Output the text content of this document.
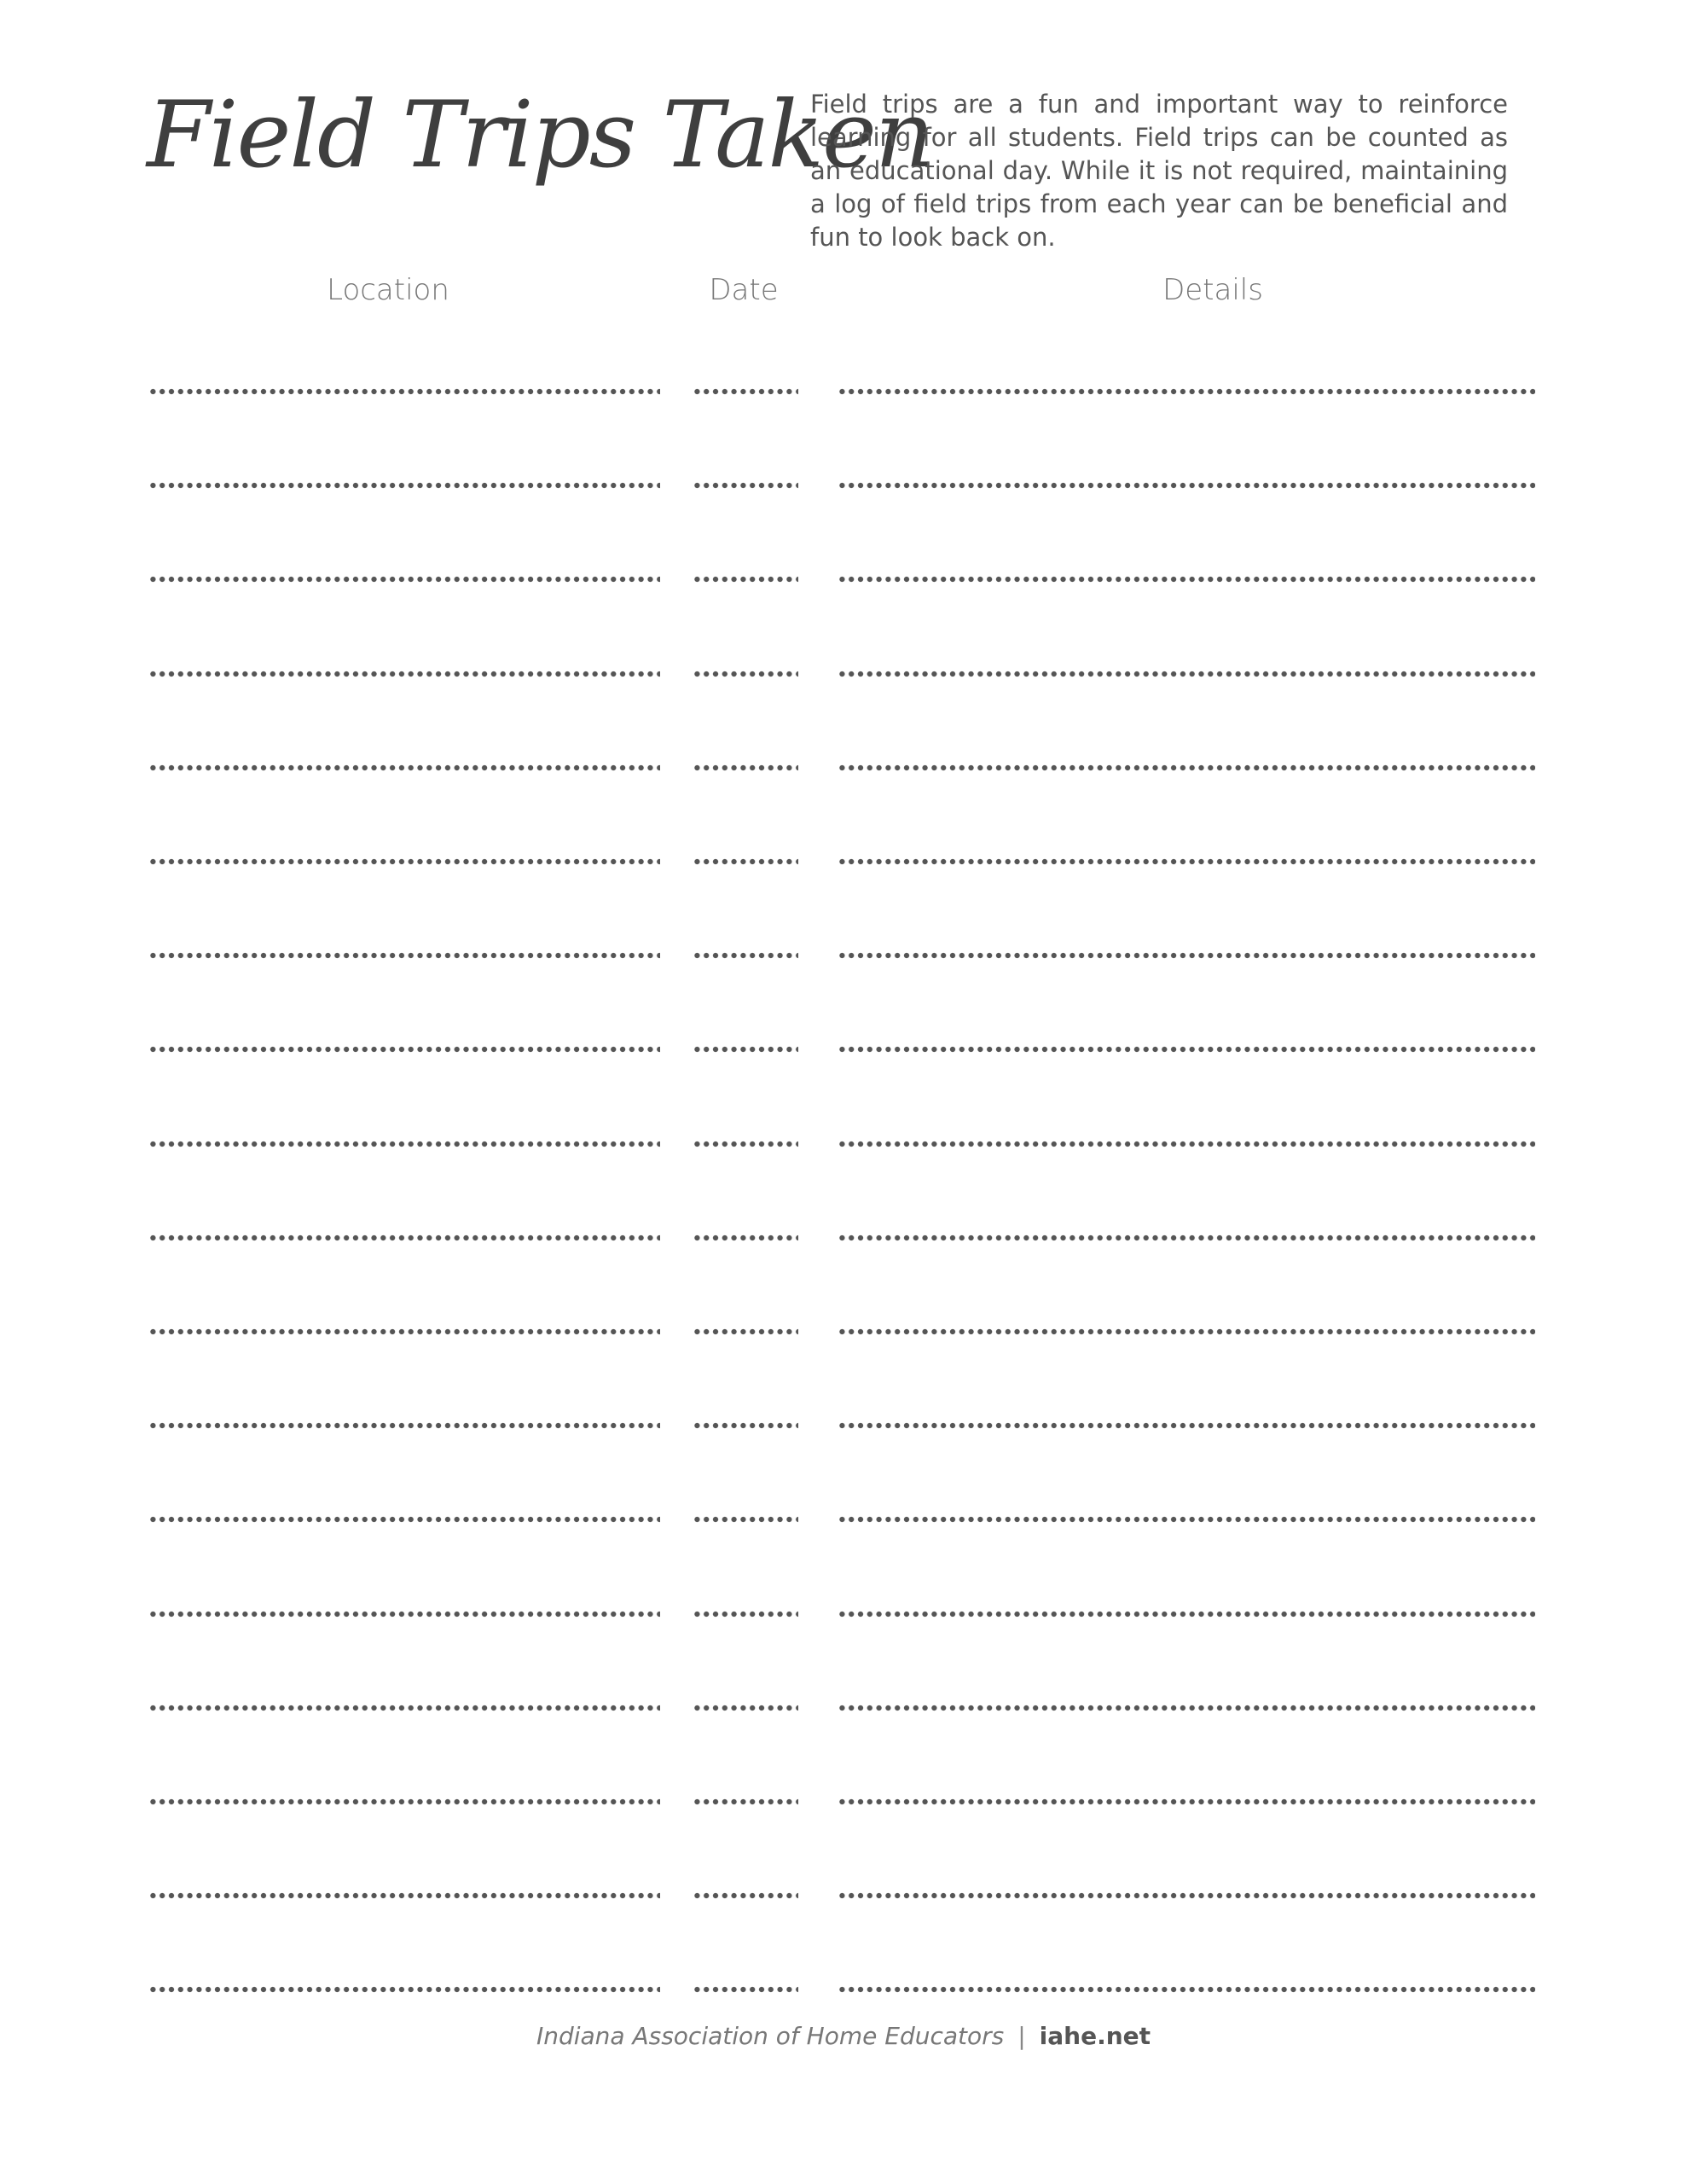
Field Trips Taken

Field trips are a fun and important way to reinforce learning for all students. Field trips can be counted as an educational day. While it is not required, maintaining a log of field trips from each year can be beneficial and fun to look back on.

Location	Date	Details
Indiana Association of Home Educators | iahe.net
